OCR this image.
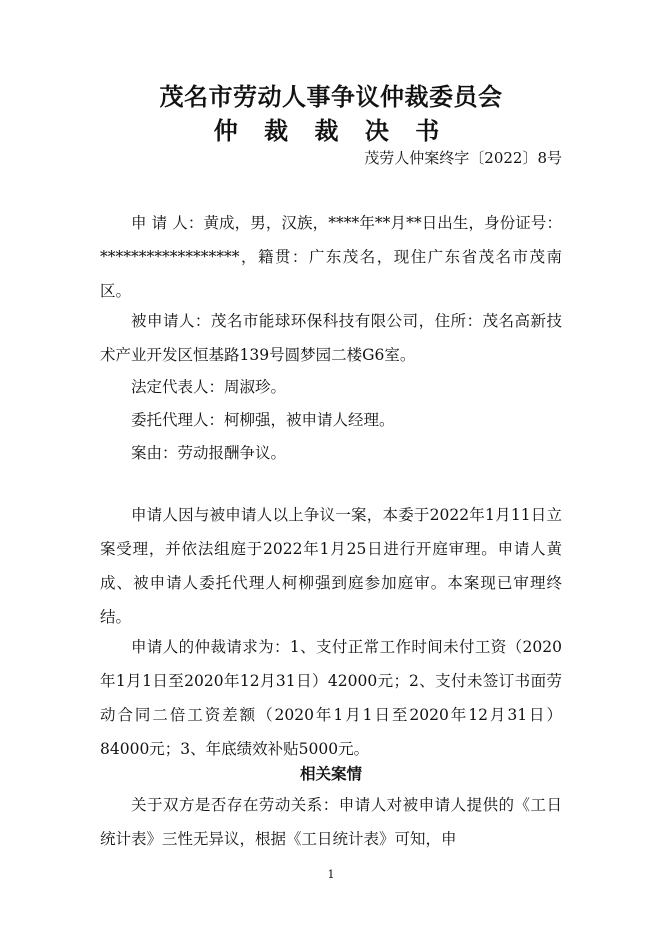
茂名市劳动人事争议仲裁委员会
仲 裁 裁 决 书
茂劳人仲案终字〔2022〕8号
申 请 人：黄成，男，汉族，****年**月**日出生，身份证号：******************，籍贯：广东茂名，现住广东省茂名市茂南区。
被申请人：茂名市能球环保科技有限公司，住所：茂名高新技术产业开发区恒基路139号圆梦园二楼G6室。
法定代表人：周淑珍。
委托代理人：柯柳强，被申请人经理。
案由：劳动报酬争议。
申请人因与被申请人以上争议一案，本委于2022年1月11日立案受理，并依法组庭于2022年1月25日进行开庭审理。申请人黄成、被申请人委托代理人柯柳强到庭参加庭审。本案现已审理终结。
申请人的仲裁请求为：1、支付正常工作时间未付工资（2020年1月1日至2020年12月31日）42000元；2、支付未签订书面劳动合同二倍工资差额（2020年1月1日至2020年12月31日）84000元；3、年底绩效补贴5000元。
相关案情
关于双方是否存在劳动关系：申请人对被申请人提供的《工日统计表》三性无异议，根据《工日统计表》可知，申
1
